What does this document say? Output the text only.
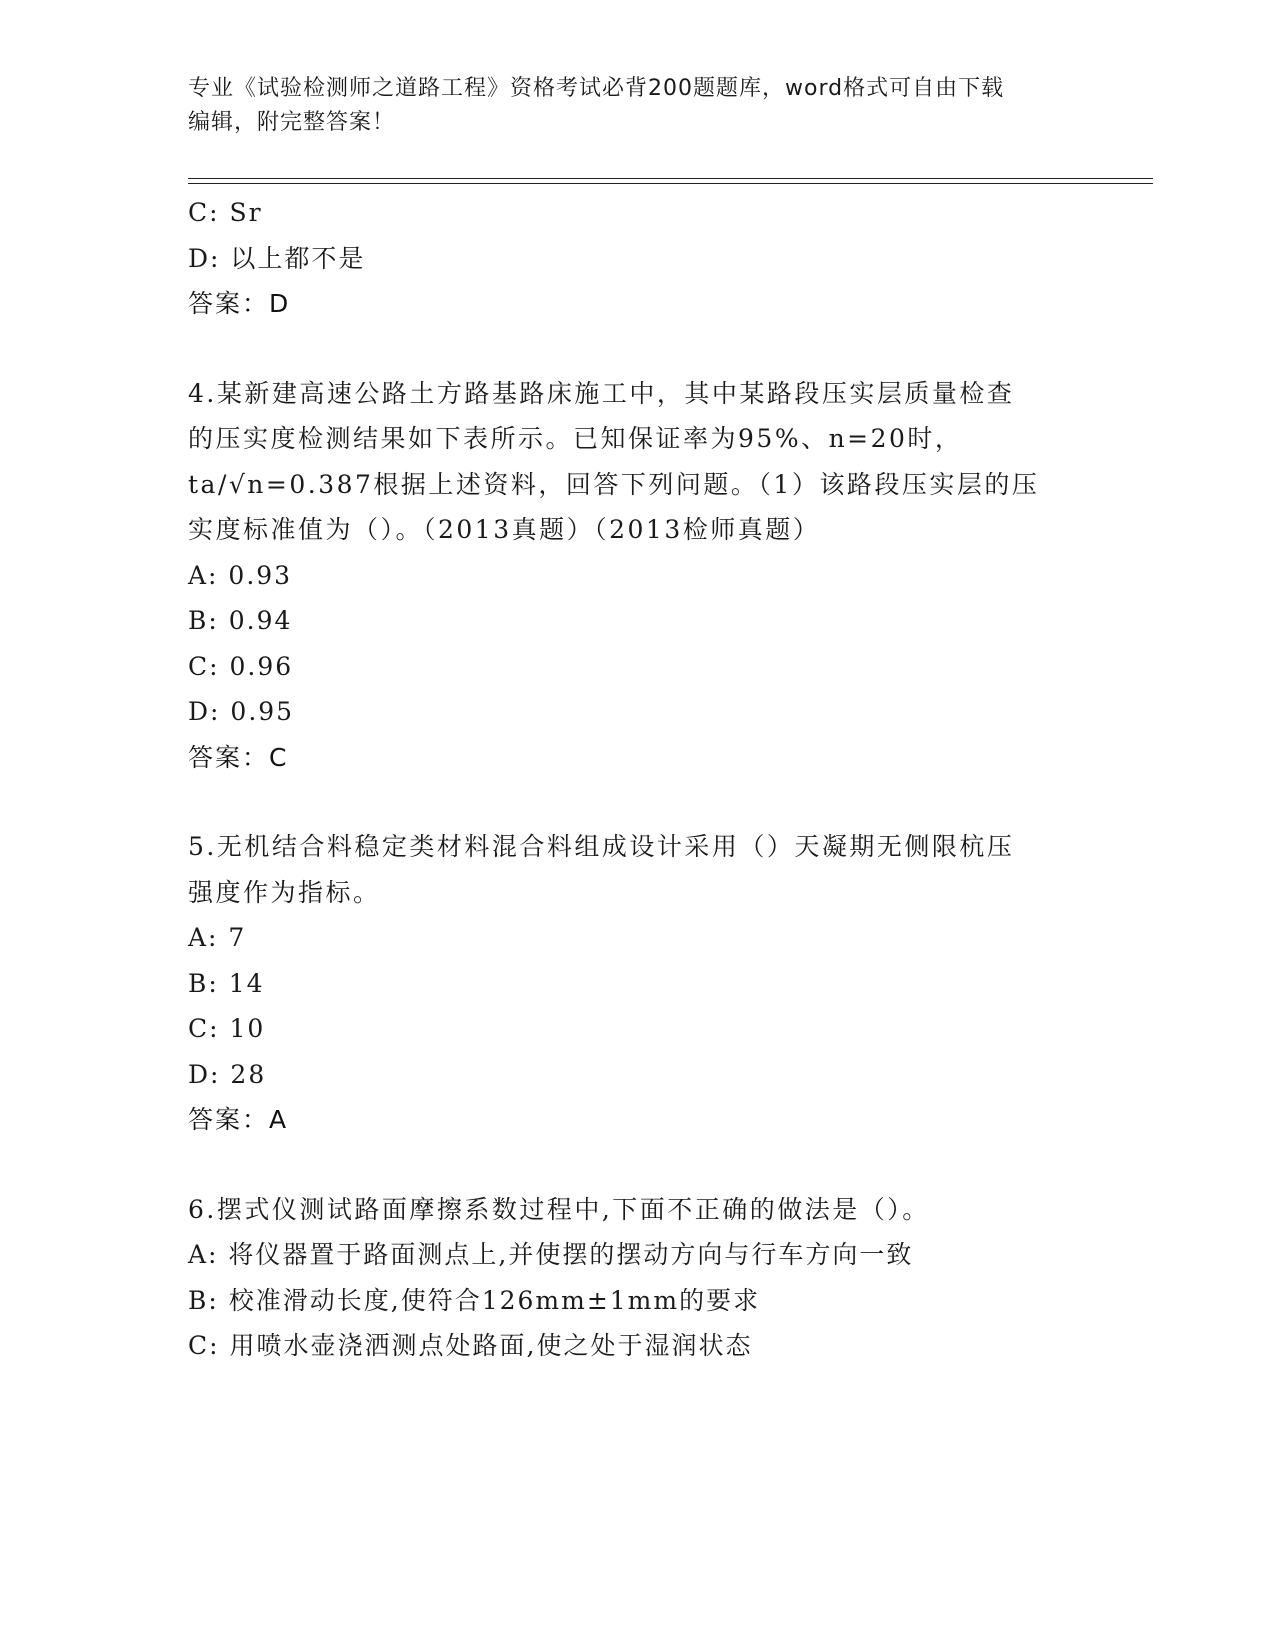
专业《试验检测师之道路工程》资格考试必背200题题库，word格式可自由下载
编辑，附完整答案！
C: Sr
D: 以上都不是
答案：D
4.某新建高速公路土方路基路床施工中，其中某路段压实层质量检查
的压实度检测结果如下表所示。已知保证率为95%、n=20时，
ta/√n=0.387根据上述资料，回答下列问题。（1）该路段压实层的压
实度标准值为（）。（2013真题）（2013检师真题）
A: 0.93
B: 0.94
C: 0.96
D: 0.95
答案：C
5.无机结合料稳定类材料混合料组成设计采用（）天凝期无侧限杭压
强度作为指标。
A: 7
B: 14
C: 10
D: 28
答案：A
6.摆式仪测试路面摩擦系数过程中,下面不正确的做法是（）。
A: 将仪器置于路面测点上,并使摆的摆动方向与行车方向一致
B: 校准滑动长度,使符合126mm±1mm的要求
C: 用喷水壶浇洒测点处路面,使之处于湿润状态
